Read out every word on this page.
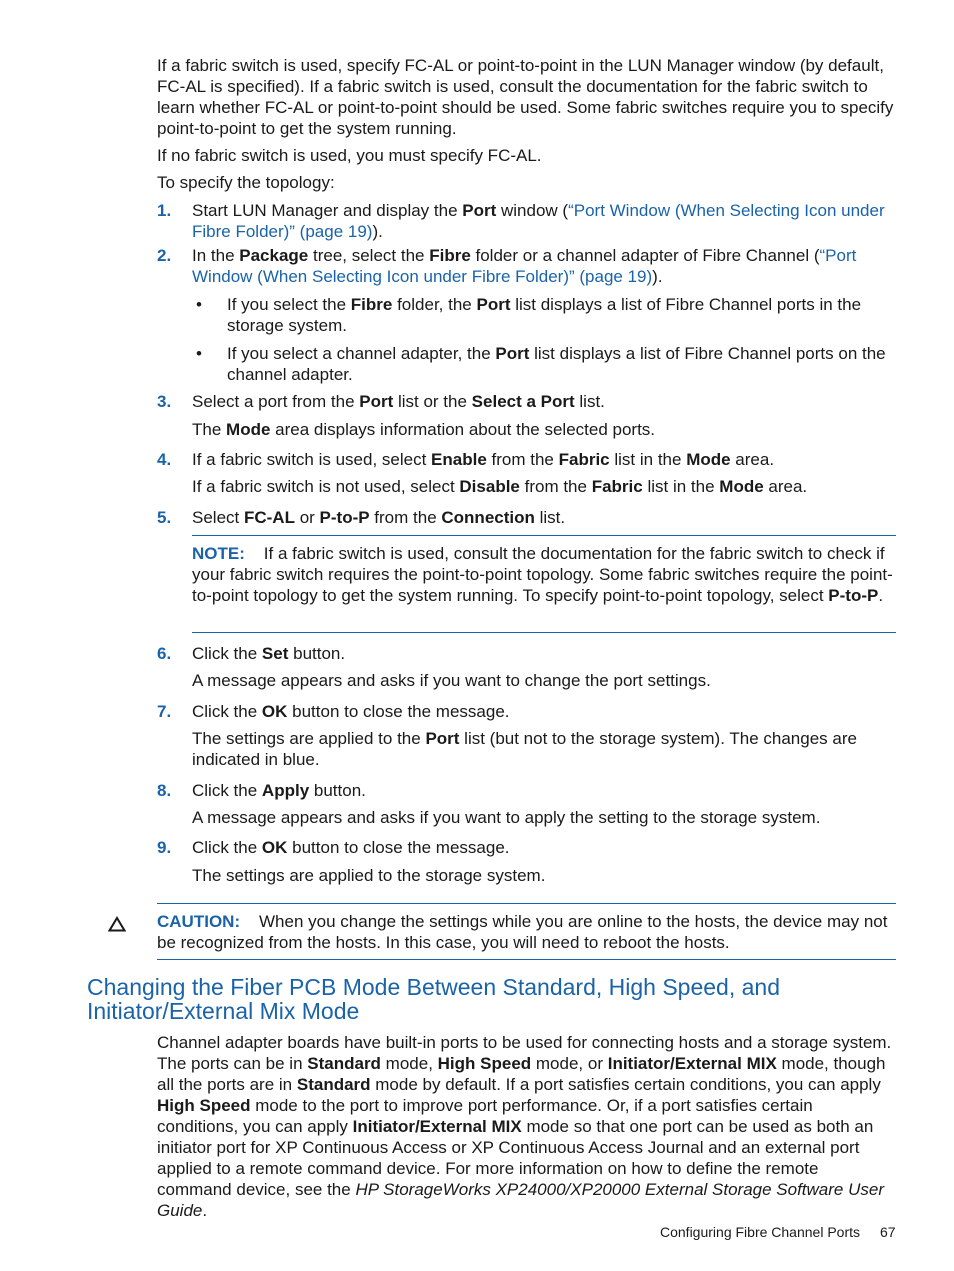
If a fabric switch is used, specify FC-AL or point-to-point in the LUN Manager window (by default, FC-AL is specified). If a fabric switch is used, consult the documentation for the fabric switch to learn whether FC-AL or point-to-point should be used. Some fabric switches require you to specify point-to-point to get the system running.

If no fabric switch is used, you must specify FC-AL.

To specify the topology:

1. Start LUN Manager and display the Port window (“Port Window (When Selecting Icon under Fibre Folder)” (page 19)).

2. In the Package tree, select the Fibre folder or a channel adapter of Fibre Channel (“Port Window (When Selecting Icon under Fibre Folder)” (page 19)).

• If you select the Fibre folder, the Port list displays a list of Fibre Channel ports in the storage system.

• If you select a channel adapter, the Port list displays a list of Fibre Channel ports on the channel adapter.

3. Select a port from the Port list or the Select a Port list.

The Mode area displays information about the selected ports.

4. If a fabric switch is used, select Enable from the Fabric list in the Mode area.

If a fabric switch is not used, select Disable from the Fabric list in the Mode area.

5. Select FC-AL or P-to-P from the Connection list.

NOTE: If a fabric switch is used, consult the documentation for the fabric switch to check if your fabric switch requires the point-to-point topology. Some fabric switches require the point-to-point topology to get the system running. To specify point-to-point topology, select P-to-P.

6. Click the Set button.

A message appears and asks if you want to change the port settings.

7. Click the OK button to close the message.

The settings are applied to the Port list (but not to the storage system). The changes are indicated in blue.

8. Click the Apply button.

A message appears and asks if you want to apply the setting to the storage system.

9. Click the OK button to close the message.

The settings are applied to the storage system.

CAUTION: When you change the settings while you are online to the hosts, the device may not be recognized from the hosts. In this case, you will need to reboot the hosts.

Changing the Fiber PCB Mode Between Standard, High Speed, and Initiator/External Mix Mode

Channel adapter boards have built-in ports to be used for connecting hosts and a storage system. The ports can be in Standard mode, High Speed mode, or Initiator/External MIX mode, though all the ports are in Standard mode by default. If a port satisfies certain conditions, you can apply High Speed mode to the port to improve port performance. Or, if a port satisfies certain conditions, you can apply Initiator/External MIX mode so that one port can be used as both an initiator port for XP Continuous Access or XP Continuous Access Journal and an external port applied to a remote command device. For more information on how to define the remote command device, see the HP StorageWorks XP24000/XP20000 External Storage Software User Guide.

Configuring Fibre Channel Ports 67
